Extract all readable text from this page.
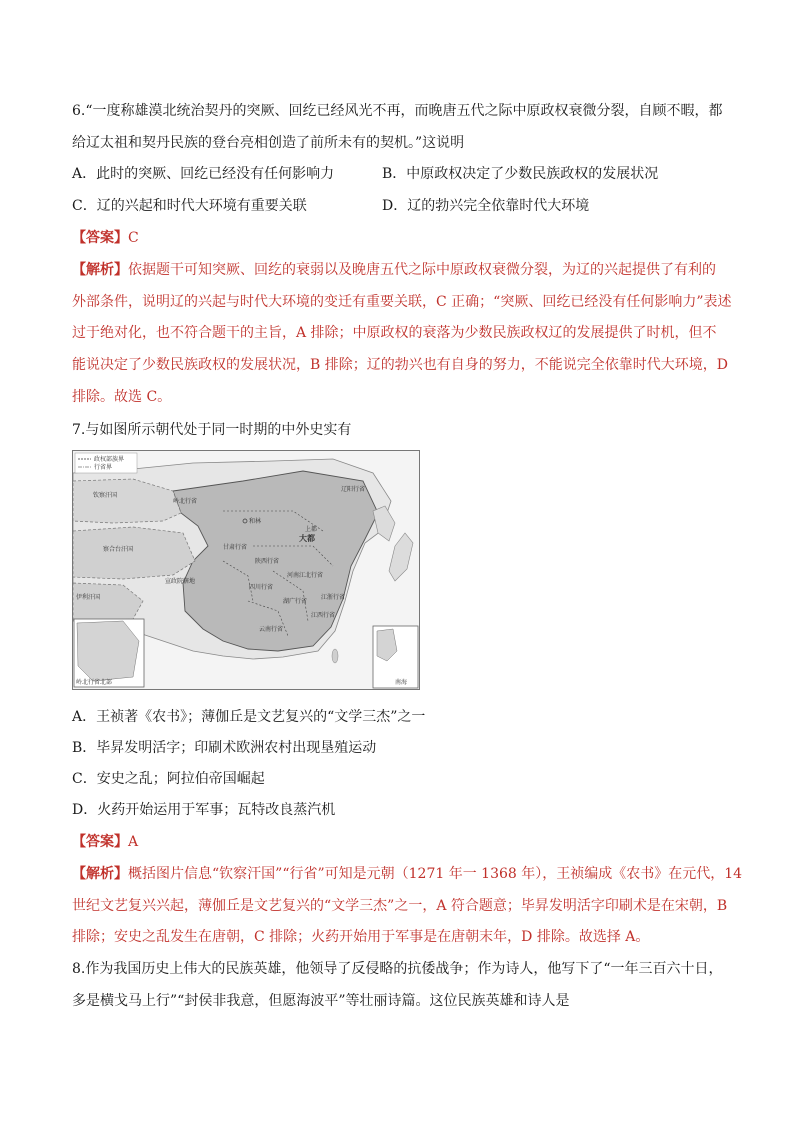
6.“一度称雄漠北统治契丹的突厥、回纥已经风光不再，而晚唐五代之际中原政权衰微分裂，自顾不暇，都
给辽太祖和契丹民族的登台亮相创造了前所未有的契机。”这说明
A．此时的突厥、回纥已经没有任何影响力	B．中原政权决定了少数民族政权的发展状况
C．辽的兴起和时代大环境有重要关联	D．辽的勃兴完全依靠时代大环境
【答案】C
【解析】依据题干可知突厥、回纥的衰弱以及晚唐五代之际中原政权衰微分裂，为辽的兴起提供了有利的
外部条件，说明辽的兴起与时代大环境的变迁有重要关联，C 正确；“突厥、回纥已经没有任何影响力”表述
过于绝对化，也不符合题干的主旨，A 排除；中原政权的衰落为少数民族政权辽的发展提供了时机，但不
能说决定了少数民族政权的发展状况，B 排除；辽的勃兴也有自身的努力，不能说完全依靠时代大环境，D
排除。故选 C。
7.与如图所示朝代处于同一时期的中外史实有
政权部族界
行省界
钦察汗国
察合台汗国
伊利汗国
岭北行省
和林
辽阳行省
上都
大都
甘肃行省
陕西行省
河南江北行省
四川行省
湖广行省
江浙行省
江西行省
云南行省
宣政院辖地
岭北行省北部	南海
A．王祯著《农书》；薄伽丘是文艺复兴的“文学三杰”之一
B．毕昇发明活字；印刷术欧洲农村出现垦殖运动
C．安史之乱；阿拉伯帝国崛起
D．火药开始运用于军事；瓦特改良蒸汽机
【答案】A
【解析】概括图片信息“钦察汗国”“行省”可知是元朝（1271 年一 1368 年），王祯编成《农书》在元代，14
世纪文艺复兴兴起，薄伽丘是文艺复兴的“文学三杰”之一，A 符合题意；毕昇发明活字印刷术是在宋朝，B
排除；安史之乱发生在唐朝，C 排除；火药开始用于军事是在唐朝末年，D 排除。故选择 A。
8.作为我国历史上伟大的民族英雄，他领导了反侵略的抗倭战争；作为诗人，他写下了“一年三百六十日，
多是横戈马上行”“封侯非我意，但愿海波平”等壮丽诗篇。这位民族英雄和诗人是
